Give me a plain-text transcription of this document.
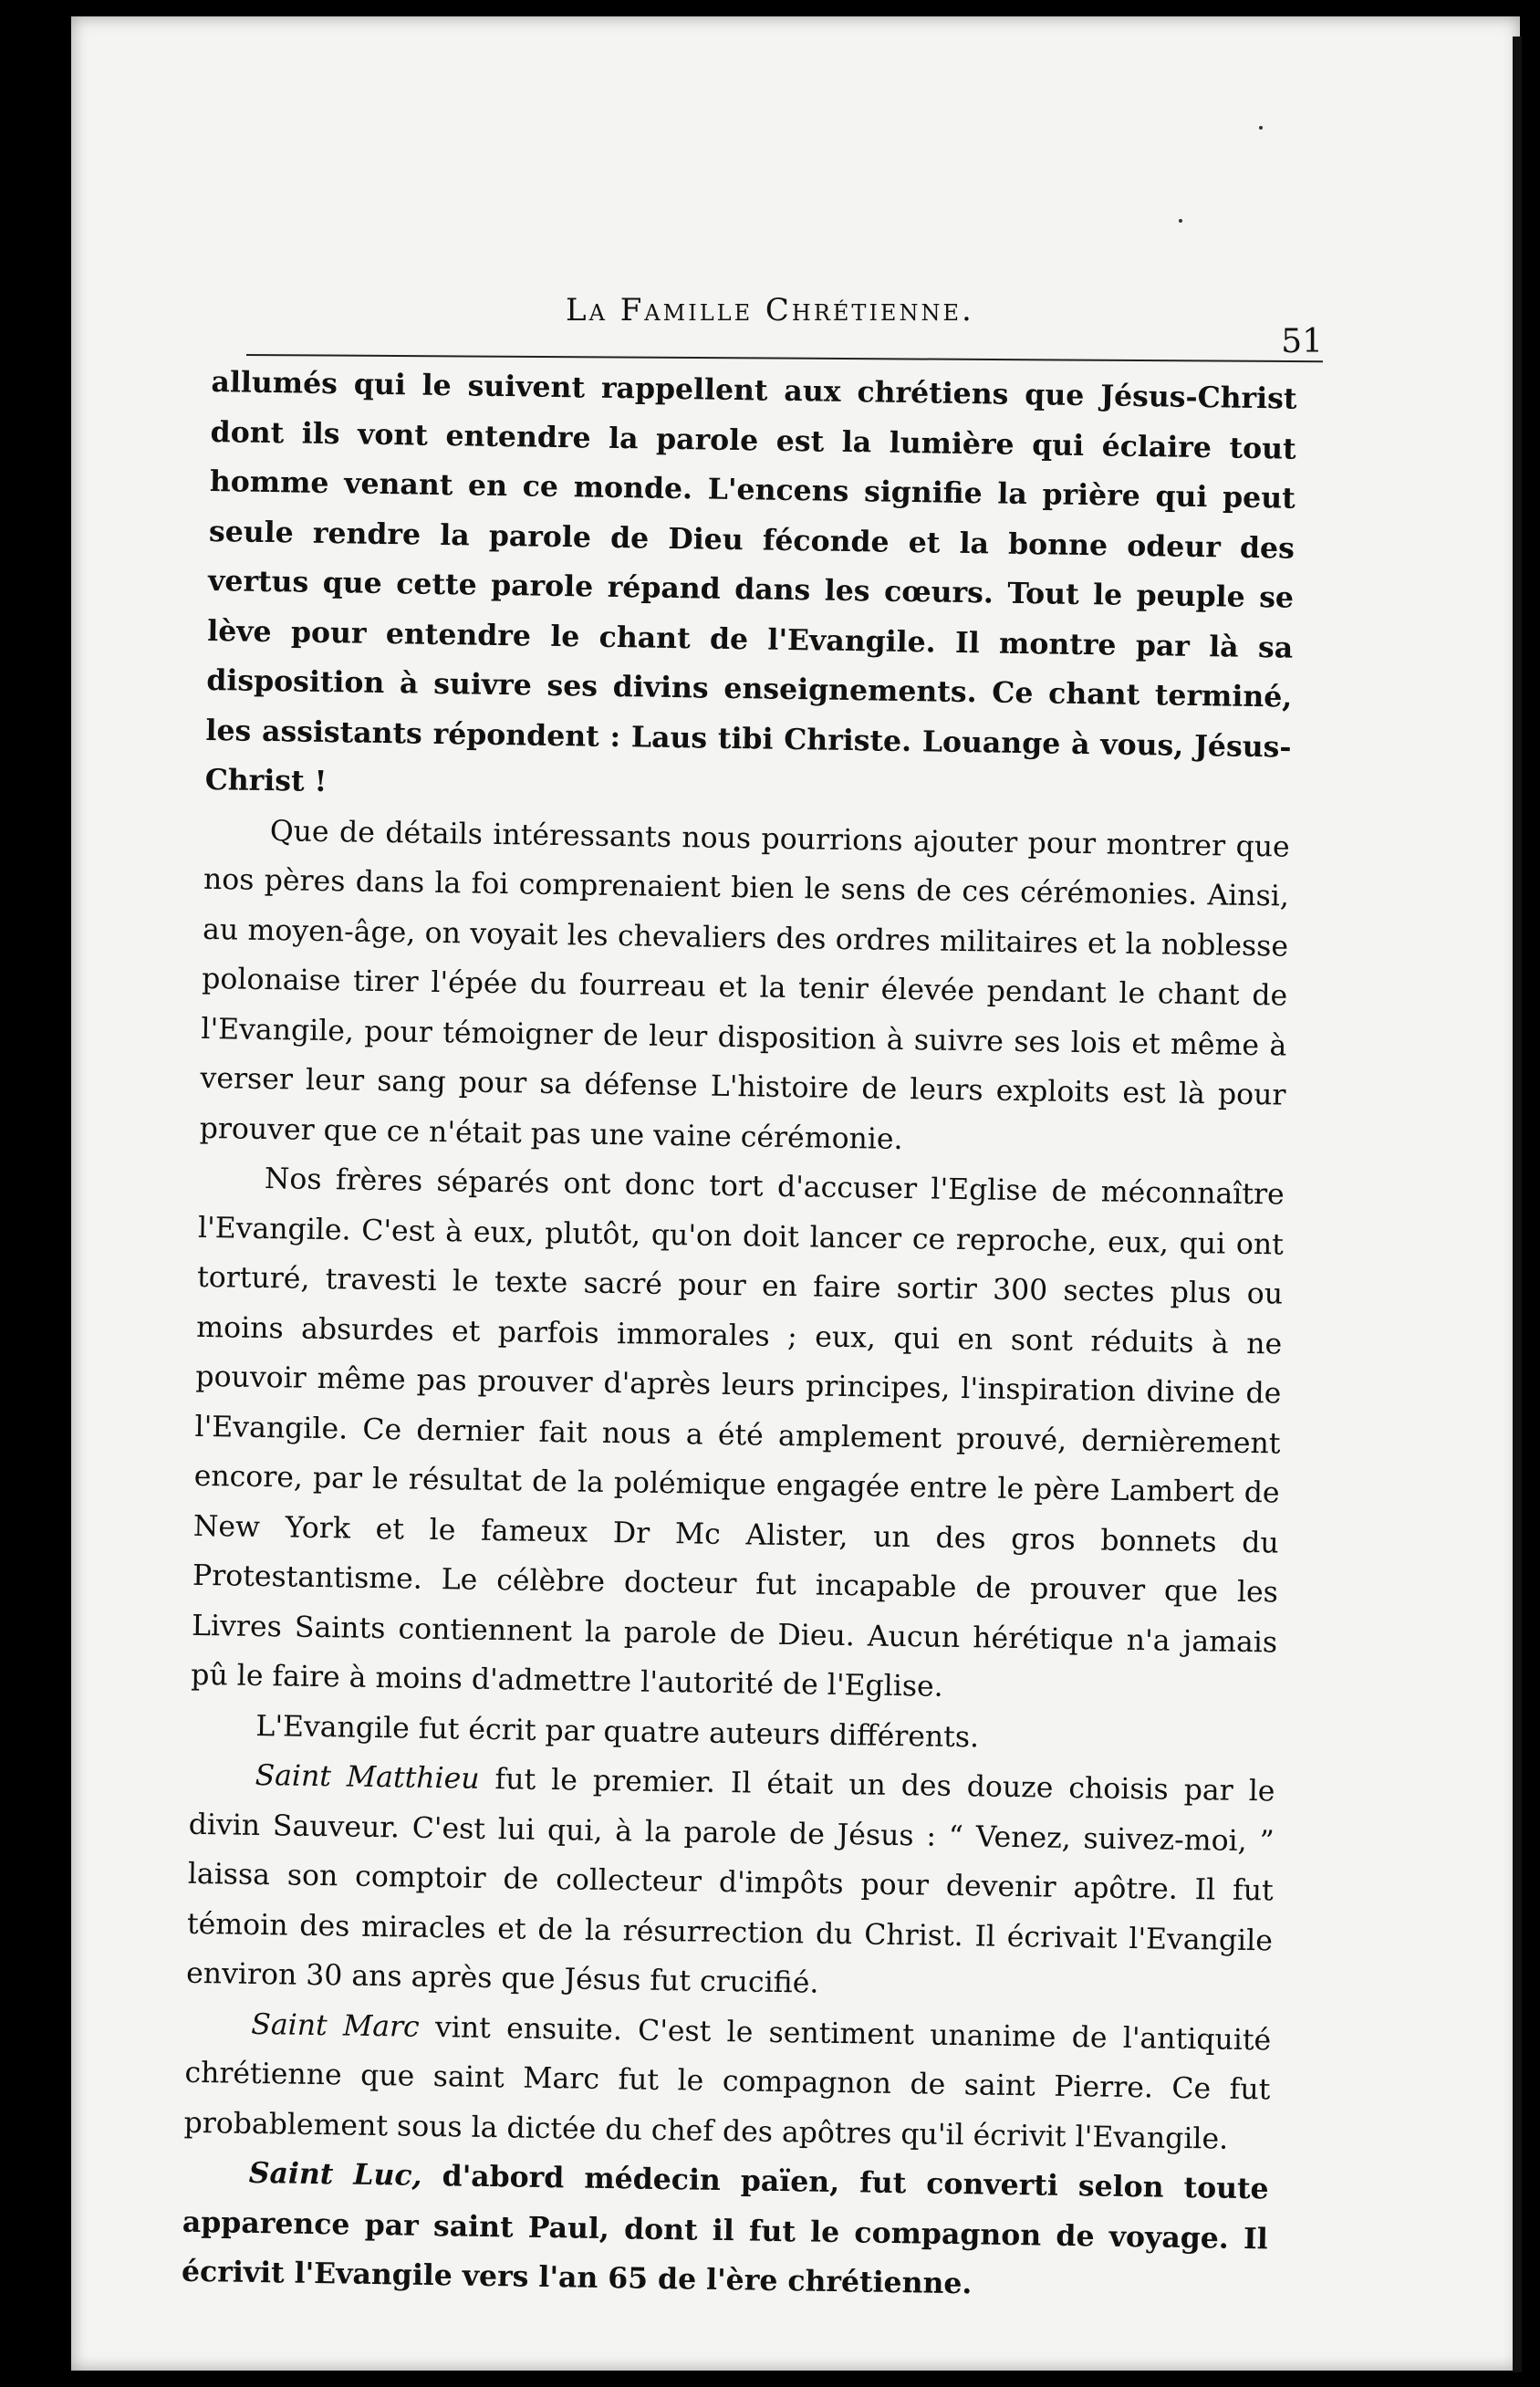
La Famille Chrétienne.
51

allumés qui le suivent rappellent aux chrétiens que Jésus-Christ dont ils vont entendre la parole est la lumière qui éclaire tout homme venant en ce monde. L'encens signifie la prière qui peut seule rendre la parole de Dieu féconde et la bonne odeur des vertus que cette parole répand dans les cœurs. Tout le peuple se lève pour entendre le chant de l'Evangile. Il montre par là sa disposition à suivre ses divins enseignements. Ce chant terminé, les assistants répondent : Laus tibi Christe. Louange à vous, Jésus-Christ !

Que de détails intéressants nous pourrions ajouter pour montrer que nos pères dans la foi comprenaient bien le sens de ces cérémonies. Ainsi, au moyen-âge, on voyait les chevaliers des ordres militaires et la noblesse polonaise tirer l'épée du fourreau et la tenir élevée pendant le chant de l'Evangile, pour témoigner de leur disposition à suivre ses lois et même à verser leur sang pour sa défense L'histoire de leurs exploits est là pour prouver que ce n'était pas une vaine cérémonie.

Nos frères séparés ont donc tort d'accuser l'Eglise de méconnaître l'Evangile. C'est à eux, plutôt, qu'on doit lancer ce reproche, eux, qui ont torturé, travesti le texte sacré pour en faire sortir 300 sectes plus ou moins absurdes et parfois immorales ; eux, qui en sont réduits à ne pouvoir même pas prouver d'après leurs principes, l'inspiration divine de l'Evangile. Ce dernier fait nous a été amplement prouvé, dernièrement encore, par le résultat de la polémique engagée entre le père Lambert de New York et le fameux Dr Mc Alister, un des gros bonnets du Protestantisme. Le célèbre docteur fut incapable de prouver que les Livres Saints contiennent la parole de Dieu. Aucun hérétique n'a jamais pû le faire à moins d'admettre l'autorité de l'Eglise.

L'Evangile fut écrit par quatre auteurs différents.

Saint Matthieu fut le premier. Il était un des douze choisis par le divin Sauveur. C'est lui qui, à la parole de Jésus : “ Venez, suivez-moi, ” laissa son comptoir de collecteur d'impôts pour devenir apôtre. Il fut témoin des miracles et de la résurrection du Christ. Il écrivait l'Evangile environ 30 ans après que Jésus fut crucifié.

Saint Marc vint ensuite. C'est le sentiment unanime de l'antiquité chrétienne que saint Marc fut le compagnon de saint Pierre. Ce fut probablement sous la dictée du chef des apôtres qu'il écrivit l'Evangile.

Saint Luc, d'abord médecin païen, fut converti selon toute apparence par saint Paul, dont il fut le compagnon de voyage. Il écrivit l'Evangile vers l'an 65 de l'ère chrétienne.
